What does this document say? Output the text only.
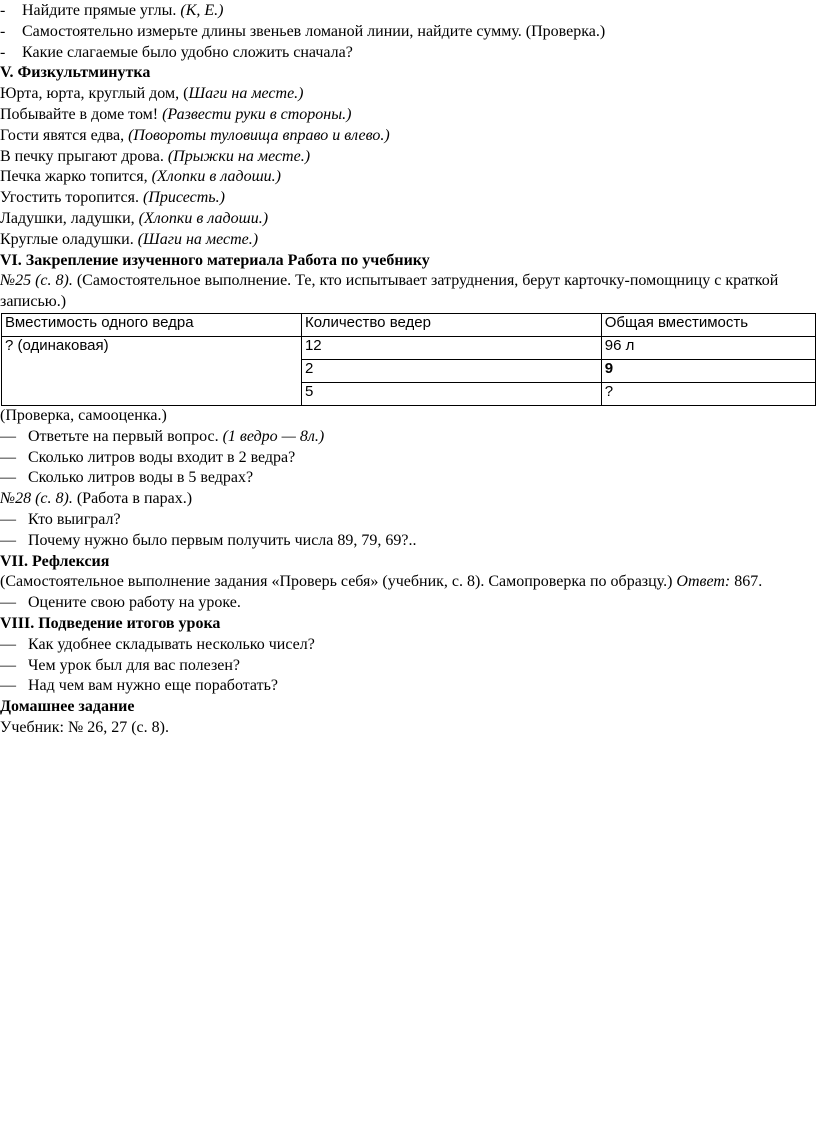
- Найдите прямые углы. (К, Е.)

- Самостоятельно измерьте длины звеньев ломаной линии, найдите сумму. (Проверка.)

- Какие слагаемые было удобно сложить сначала?

V. Физкультминутка

Юрта, юрта, круглый дом, (Шаги на месте.)

Побывайте в доме том! (Развести руки в стороны.)

Гости явятся едва, (Повороты туловища вправо и влево.)

В печку прыгают дрова. (Прыжки на месте.)

Печка жарко топится, (Хлопки в ладоши.)

Угостить торопится. (Присесть.)

Ладушки, ладушки, (Хлопки в ладоши.)

Круглые оладушки. (Шаги на месте.)

VI. Закрепление изученного материала Работа по учебнику

№25 (с. 8). (Самостоятельное выполнение. Те, кто испытывает затруднения, берут карточку-помощницу с краткой записью.)

Вместимость одного ведра	Количество ведер	Общая вместимость
? (одинаковая)	12	96 л
	2	9
	5	?

(Проверка, самооценка.)

— Ответьте на первый вопрос. (1 ведро — 8л.)

— Сколько литров воды входит в 2 ведра?

— Сколько литров воды в 5 ведрах?

№28 (с. 8). (Работа в парах.)

— Кто выиграл?

— Почему нужно было первым получить числа 89, 79, 69?..

VII. Рефлексия

(Самостоятельное выполнение задания «Проверь себя» (учебник, с. 8). Самопроверка по образцу.) Ответ: 867.

— Оцените свою работу на уроке.

VIII. Подведение итогов урока

— Как удобнее складывать несколько чисел?

— Чем урок был для вас полезен?

— Над чем вам нужно еще поработать?

Домашнее задание

Учебник: № 26, 27 (с. 8).
